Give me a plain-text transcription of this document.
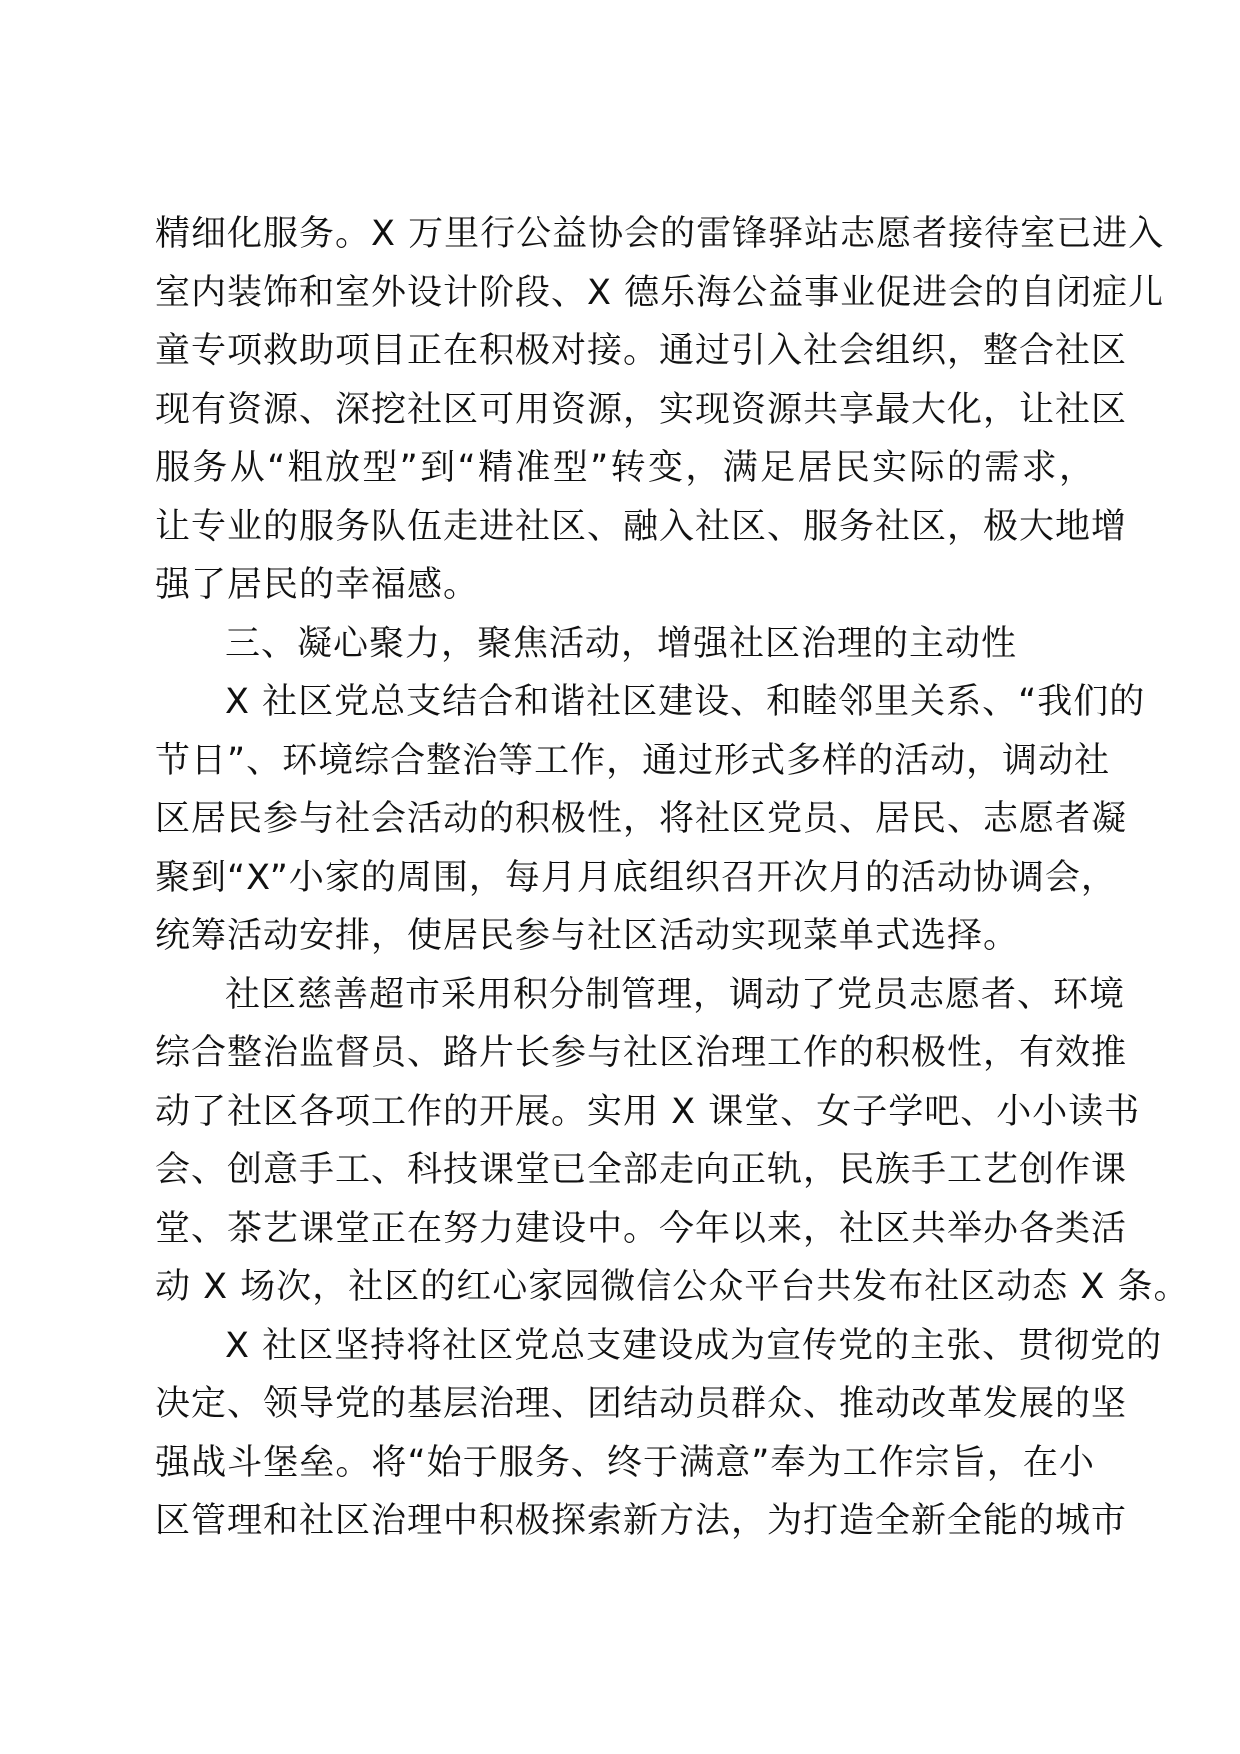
精细化服务。X 万里行公益协会的雷锋驿站志愿者接待室已进入
室内装饰和室外设计阶段、X 德乐海公益事业促进会的自闭症儿
童专项救助项目正在积极对接。通过引入社会组织，整合社区
现有资源、深挖社区可用资源，实现资源共享最大化，让社区
服务从“粗放型”到“精准型”转变，满足居民实际的需求，
让专业的服务队伍走进社区、融入社区、服务社区，极大地增
强了居民的幸福感。
三、凝心聚力，聚焦活动，增强社区治理的主动性
X 社区党总支结合和谐社区建设、和睦邻里关系、“我们的
节日”、环境综合整治等工作，通过形式多样的活动，调动社
区居民参与社会活动的积极性，将社区党员、居民、志愿者凝
聚到“X”小家的周围，每月月底组织召开次月的活动协调会，
统筹活动安排，使居民参与社区活动实现菜单式选择。
社区慈善超市采用积分制管理，调动了党员志愿者、环境
综合整治监督员、路片长参与社区治理工作的积极性，有效推
动了社区各项工作的开展。实用 X 课堂、女子学吧、小小读书
会、创意手工、科技课堂已全部走向正轨，民族手工艺创作课
堂、茶艺课堂正在努力建设中。今年以来，社区共举办各类活
动 X 场次，社区的红心家园微信公众平台共发布社区动态 X 条。
X 社区坚持将社区党总支建设成为宣传党的主张、贯彻党的
决定、领导党的基层治理、团结动员群众、推动改革发展的坚
强战斗堡垒。将“始于服务、终于满意”奉为工作宗旨，在小
区管理和社区治理中积极探索新方法，为打造全新全能的城市
